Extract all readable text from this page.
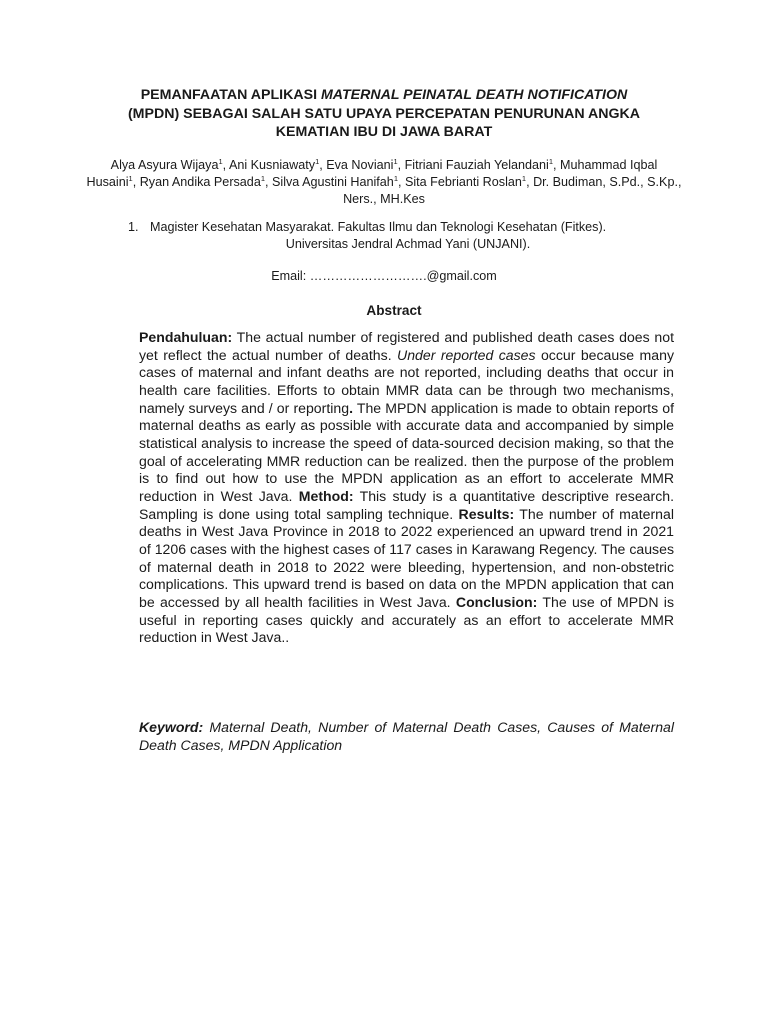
PEMANFAATAN APLIKASI MATERNAL PEINATAL DEATH NOTIFICATION
(MPDN) SEBAGAI SALAH SATU UPAYA PERCEPATAN PENURUNAN ANGKA KEMATIAN IBU DI JAWA BARAT
Alya Asyura Wijaya$^1$, Ani Kusniawaty$^1$, Eva Noviani$^1$, Fitriani Fauziah Yelandani$^1$, Muhammad Iqbal Husaini$^1$, Ryan Andika Persada$^1$, Silva Agustini Hanifah$^1$, Sita Febrianti Roslan$^1$, Dr. Budiman, S.Pd., S.Kp., Ners., MH.Kes
1. Magister Kesehatan Masyarakat. Fakultas Ilmu dan Teknologi Kesehatan (Fitkes).
Universitas Jendral Achmad Yani (UNJANI).
Email: ……………………….@gmail.com
Abstract
Pendahuluan: The actual number of registered and published death cases does not yet reflect the actual number of deaths. Under reported cases occur because many cases of maternal and infant deaths are not reported, including deaths that occur in health care facilities. Efforts to obtain MMR data can be through two mechanisms, namely surveys and / or reporting. The MPDN application is made to obtain reports of maternal deaths as early as possible with accurate data and accompanied by simple statistical analysis to increase the speed of data-sourced decision making, so that the goal of accelerating MMR reduction can be realized. then the purpose of the problem is to find out how to use the MPDN application as an effort to accelerate MMR reduction in West Java. Method: This study is a quantitative descriptive research. Sampling is done using total sampling technique. Results: The number of maternal deaths in West Java Province in 2018 to 2022 experienced an upward trend in 2021 of 1206 cases with the highest cases of 117 cases in Karawang Regency. The causes of maternal death in 2018 to 2022 were bleeding, hypertension, and non-obstetric complications. This upward trend is based on data on the MPDN application that can be accessed by all health facilities in West Java. Conclusion: The use of MPDN is useful in reporting cases quickly and accurately as an effort to accelerate MMR reduction in West Java..
Keyword: Maternal Death, Number of Maternal Death Cases, Causes of Maternal Death Cases, MPDN Application
